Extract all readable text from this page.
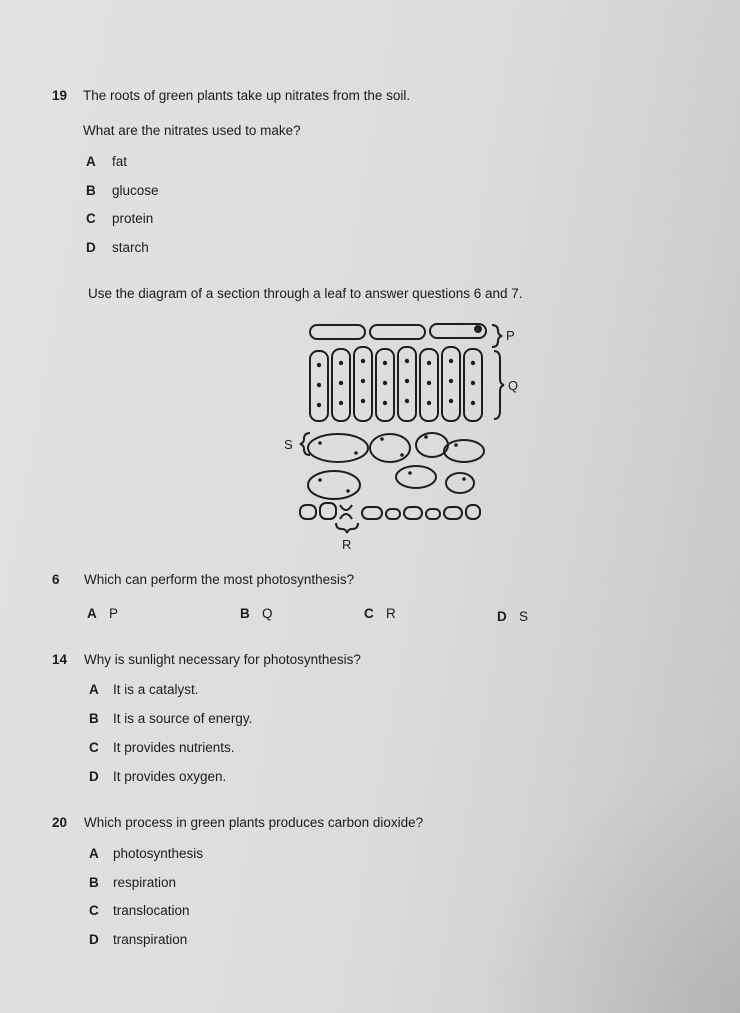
19 The roots of green plants take up nitrates from the soil.
What are the nitrates used to make?
A fat
B glucose
C protein
D starch
Use the diagram of a section through a leaf to answer questions 6 and 7.
P
Q
S
R
6 Which can perform the most photosynthesis?
A P	B Q	C R	D S
14 Why is sunlight necessary for photosynthesis?
A It is a catalyst.
B It is a source of energy.
C It provides nutrients.
D It provides oxygen.
20 Which process in green plants produces carbon dioxide?
A photosynthesis
B respiration
C translocation
D transpiration
